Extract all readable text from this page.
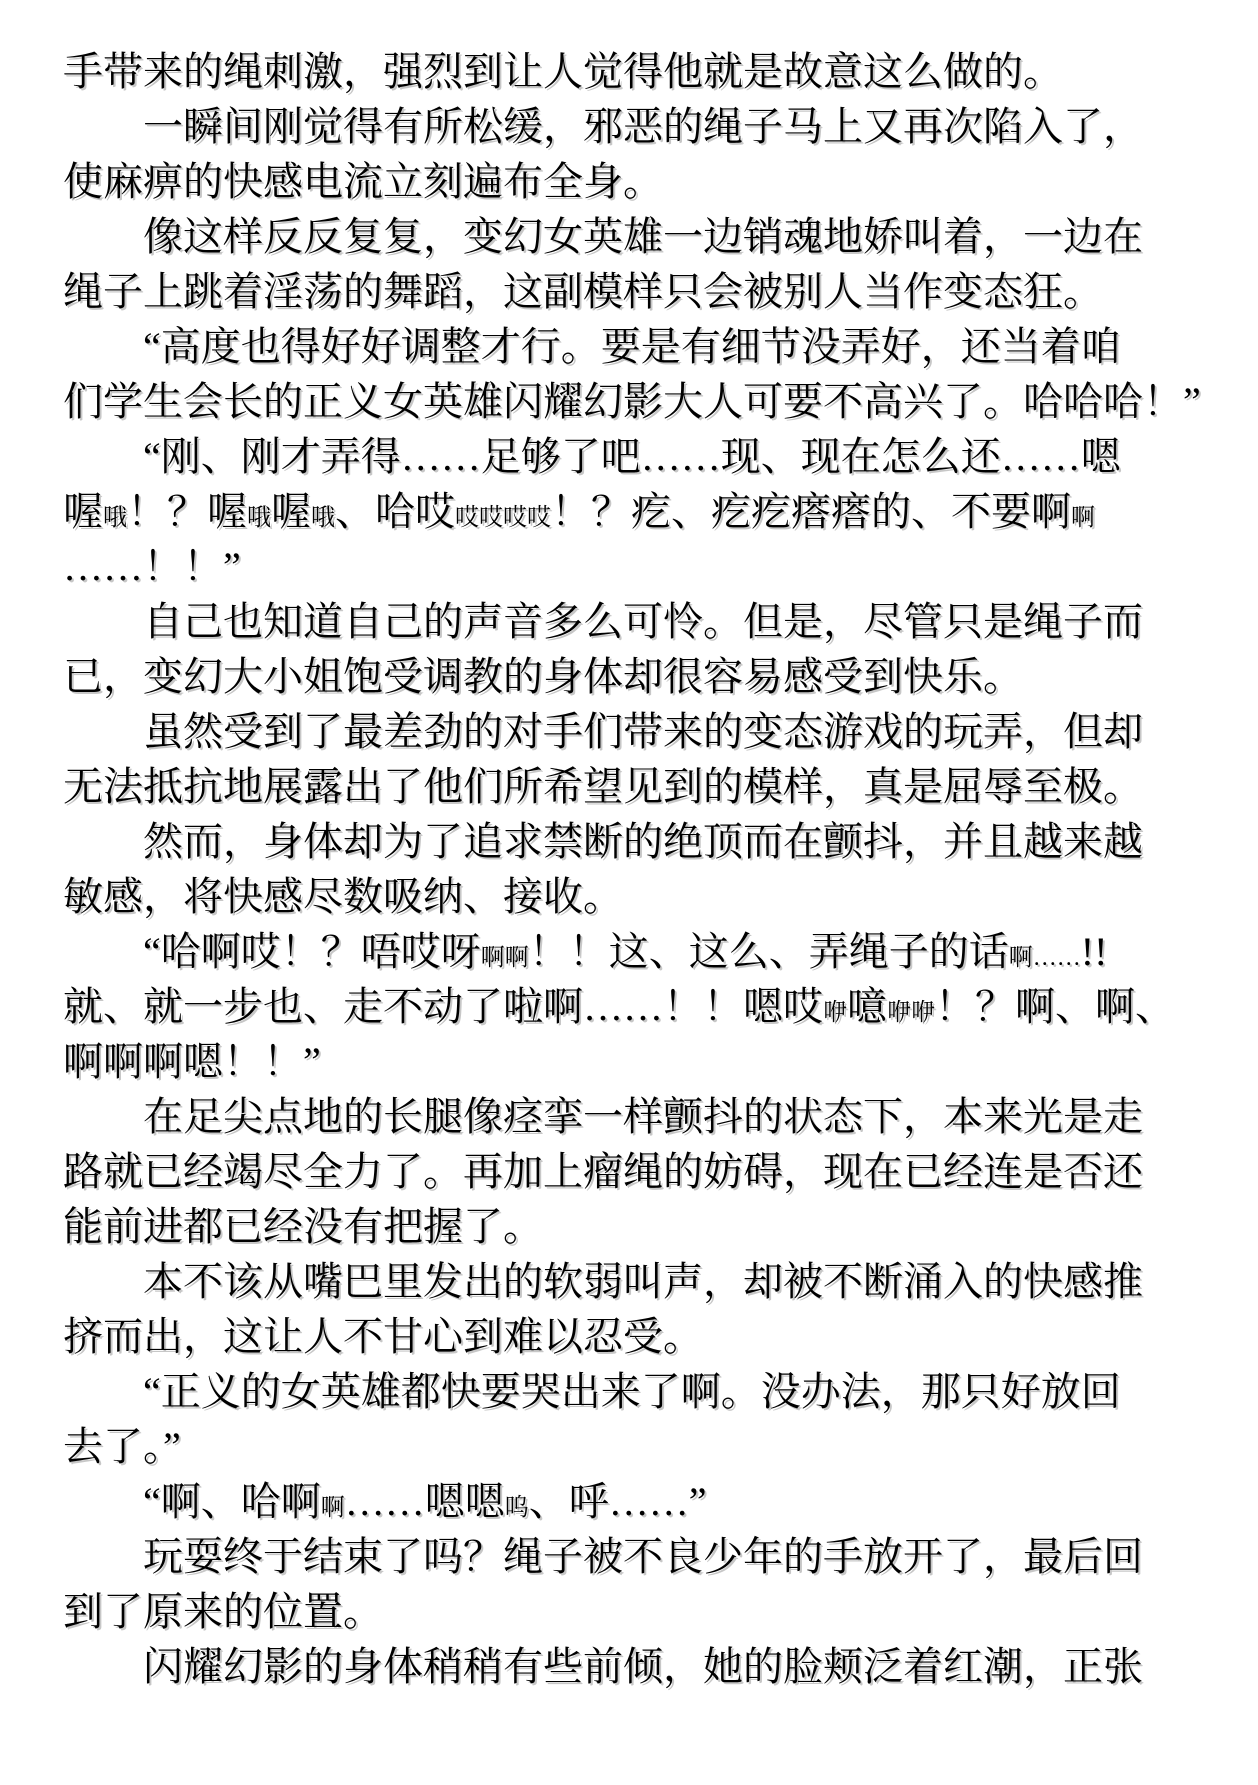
手带来的绳刺激，强烈到让人觉得他就是故意这么做的。
一瞬间刚觉得有所松缓，邪恶的绳子马上又再次陷入了，
使麻痹的快感电流立刻遍布全身。
像这样反反复复，变幻女英雄一边销魂地娇叫着，一边在
绳子上跳着淫荡的舞蹈，这副模样只会被别人当作变态狂。
“高度也得好好调整才行。要是有细节没弄好，还当着咱
们学生会长的正义女英雄闪耀幻影大人可要不高兴了。哈哈哈！”
“刚、刚才弄得……足够了吧……现、现在怎么还……嗯
喔哦！？喔哦喔哦、哈哎哎哎哎哎！？疙、疙疙瘩瘩的、不要啊啊
……！！”
自己也知道自己的声音多么可怜。但是，尽管只是绳子而
已，变幻大小姐饱受调教的身体却很容易感受到快乐。
虽然受到了最差劲的对手们带来的变态游戏的玩弄，但却
无法抵抗地展露出了他们所希望见到的模样，真是屈辱至极。
然而，身体却为了追求禁断的绝顶而在颤抖，并且越来越
敏感，将快感尽数吸纳、接收。
“哈啊哎！？唔哎呀啊啊！！这、这么、弄绳子的话啊……!!
就、就一步也、走不动了啦啊……！！嗯哎咿噫咿咿！？啊、啊、
啊啊啊嗯！！”
在足尖点地的长腿像痉挛一样颤抖的状态下，本来光是走
路就已经竭尽全力了。再加上瘤绳的妨碍，现在已经连是否还
能前进都已经没有把握了。
本不该从嘴巴里发出的软弱叫声，却被不断涌入的快感推
挤而出，这让人不甘心到难以忍受。
“正义的女英雄都快要哭出来了啊。没办法，那只好放回
去了。”
“啊、哈啊啊……嗯嗯呜、呼……”
玩耍终于结束了吗？绳子被不良少年的手放开了，最后回
到了原来的位置。
闪耀幻影的身体稍稍有些前倾，她的脸颊泛着红潮，正张
